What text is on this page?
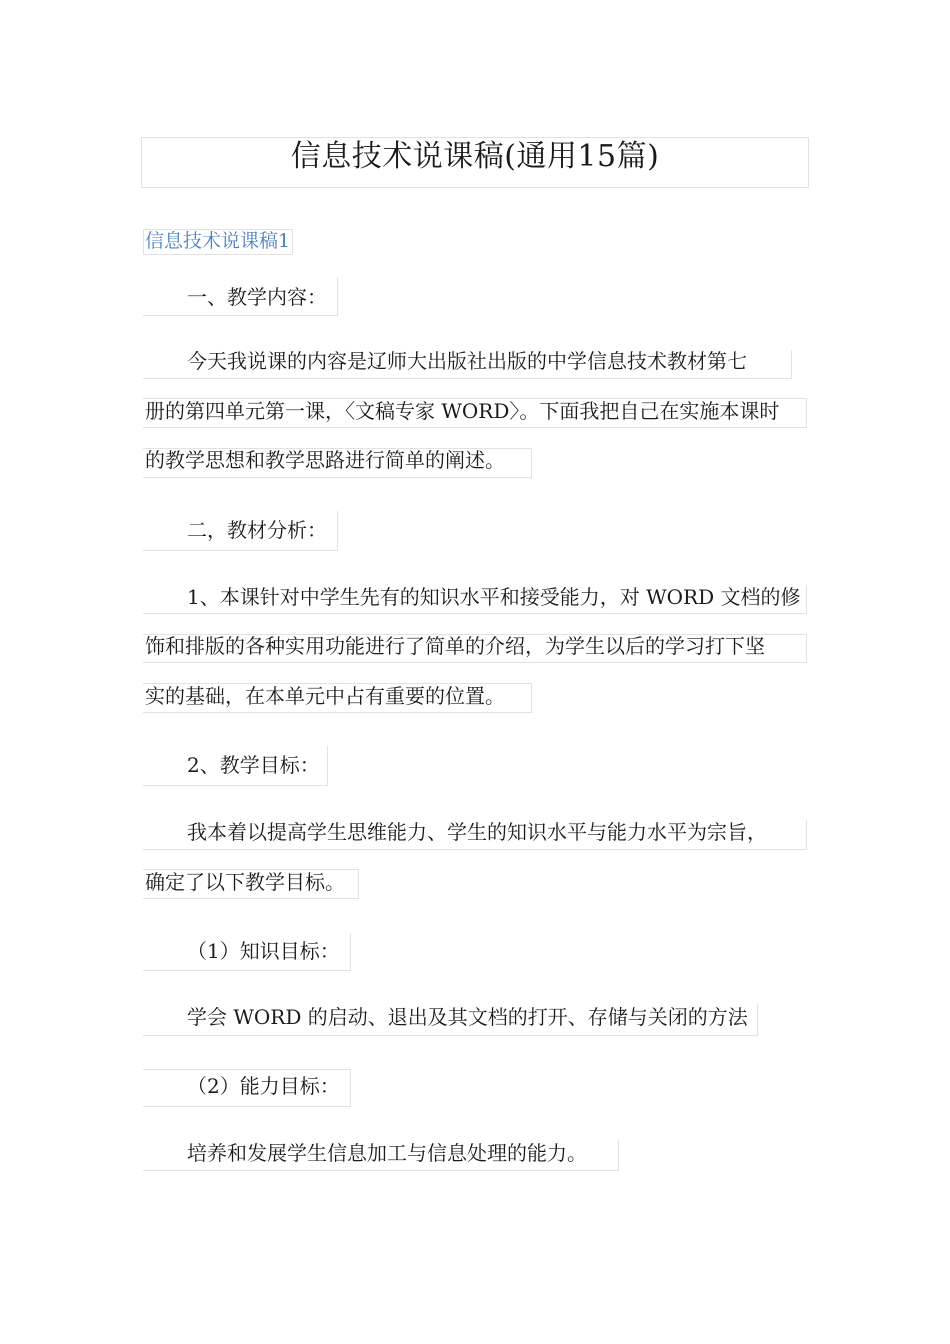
信息技术说课稿(通用15篇)
信息技术说课稿1
一、教学内容：
今天我说课的内容是辽师大出版社出版的中学信息技术教材第七
册的第四单元第一课，〈文稿专家 WORD〉。下面我把自己在实施本课时
的教学思想和教学思路进行简单的阐述。
二，教材分析：
1、本课针对中学生先有的知识水平和接受能力，对 WORD 文档的修
饰和排版的各种实用功能进行了简单的介绍，为学生以后的学习打下坚
实的基础，在本单元中占有重要的位置。
2、教学目标：
我本着以提高学生思维能力、学生的知识水平与能力水平为宗旨，
确定了以下教学目标。
（1）知识目标：
学会 WORD 的启动、退出及其文档的打开、存储与关闭的方法
（2）能力目标：
培养和发展学生信息加工与信息处理的能力。
